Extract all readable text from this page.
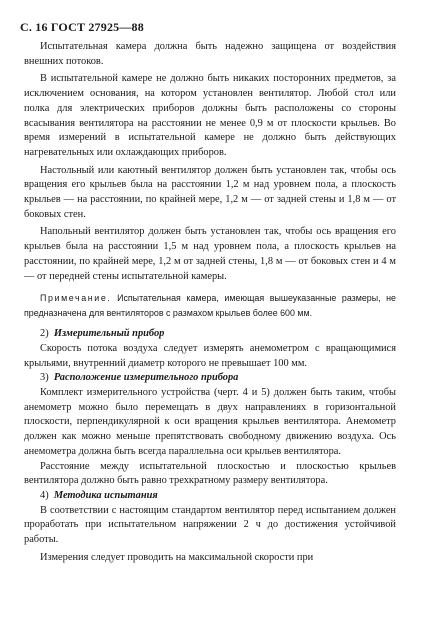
С. 16 ГОСТ 27925—88

Испытательная камера должна быть надежно защищена от воздействия внешних потоков.

В испытательной камере не должно быть никаких посторонних предметов, за исключением основания, на котором установлен вентилятор. Любой стол или полка для электрических приборов должны быть расположены со стороны всасывания вентилятора на расстоянии не менее 0,9 м от плоскости крыльев. Во время измерений в испытательной камере не должно быть действующих нагревательных или охлаждающих приборов.

Настольный или каютный вентилятор должен быть установлен так, чтобы ось вращения его крыльев была на расстоянии 1,2 м над уровнем пола, а плоскость крыльев — на расстоянии, по крайней мере, 1,2 м — от задней стены и 1,8 м — от боковых стен.

Напольный вентилятор должен быть установлен так, чтобы ось вращения его крыльев была на расстоянии 1,5 м над уровнем пола, а плоскость крыльев на расстоянии, по крайней мере, 1,2 м от задней стены, 1,8 м — от боковых стен и 4 м — от передней стены испытательной камеры.

Примечание. Испытательная камера, имеющая вышеуказанные размеры, не предназначена для вентиляторов с размахом крыльев более 600 мм.

2) Измерительный прибор

Скорость потока воздуха следует измерять анемометром с вращающимися крыльями, внутренний диаметр которого не превышает 100 мм.

3) Расположение измерительного прибора

Комплект измерительного устройства (черт. 4 и 5) должен быть таким, чтобы анемометр можно было перемещать в двух направлениях в горизонтальной плоскости, перпендикулярной к оси вращения крыльев вентилятора. Анемометр должен как можно меньше препятствовать свободному движению воздуха. Ось анемометра должна быть всегда параллельна оси крыльев вентилятора.

Расстояние между испытательной плоскостью и плоскостью крыльев вентилятора должно быть равно трехкратному размеру вентилятора.

4) Методика испытания

В соответствии с настоящим стандартом вентилятор перед испытанием должен проработать при испытательном напряжении 2 ч до достижения устойчивой работы.

Измерения следует проводить на максимальной скорости при
